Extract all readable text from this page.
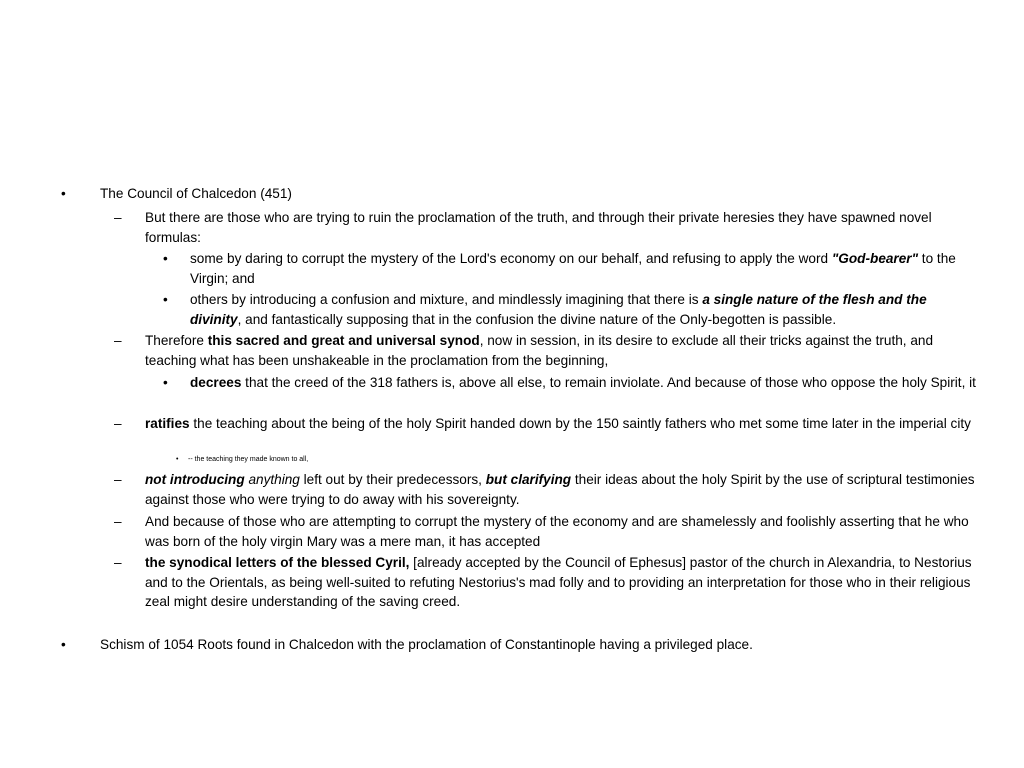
•	The Council of Chalcedon (451)
– But there are those who are trying to ruin the proclamation of the truth, and through their private heresies they have spawned novel formulas:
• some by daring to corrupt the mystery of the Lord's economy on our behalf, and refusing to apply the word "God-bearer" to the Virgin; and
• others by introducing a confusion and mixture, and mindlessly imagining that there is a single nature of the flesh and the divinity, and fantastically supposing that in the confusion the divine nature of the Only-begotten is passible.
– Therefore this sacred and great and universal synod, now in session, in its desire to exclude all their tricks against the truth, and teaching what has been unshakeable in the proclamation from the beginning,
• decrees that the creed of the 318 fathers is, above all else, to remain inviolate. And because of those who oppose the holy Spirit, it
– ratifies the teaching about the being of the holy Spirit handed down by the 150 saintly fathers who met some time later in the imperial city
• -- the teaching they made known to all,
– not introducing anything left out by their predecessors, but clarifying their ideas about the holy Spirit by the use of scriptural testimonies against those who were trying to do away with his sovereignty.
– And because of those who are attempting to corrupt the mystery of the economy and are shamelessly and foolishly asserting that he who was born of the holy virgin Mary was a mere man, it has accepted
– the synodical letters of the blessed Cyril, [already accepted by the Council of Ephesus] pastor of the church in Alexandria, to Nestorius and to the Orientals, as being well-suited to refuting Nestorius's mad folly and to providing an interpretation for those who in their religious zeal might desire understanding of the saving creed.
•	Schism of 1054 Roots found in Chalcedon with the proclamation of Constantinople having a privileged place.
